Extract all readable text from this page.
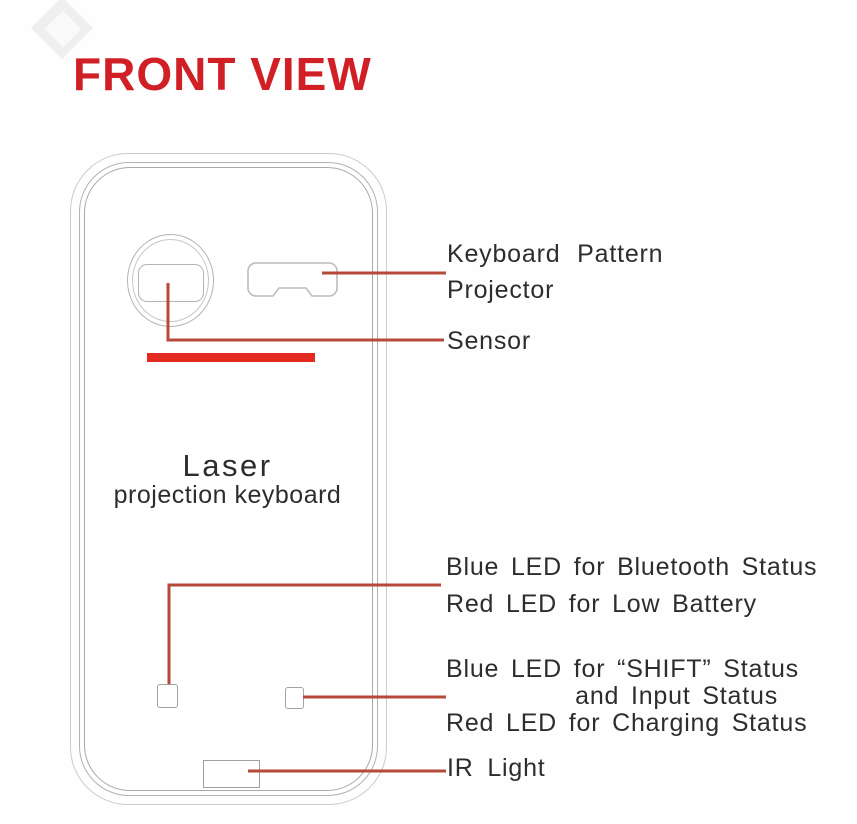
FRONT VIEW
Laser
projection keyboard
Keyboard Pattern
Projector
Sensor
Blue LED for Bluetooth Status
Red LED for Low Battery
Blue LED for “SHIFT” Status
and Input Status
Red LED for Charging Status
IR Light
